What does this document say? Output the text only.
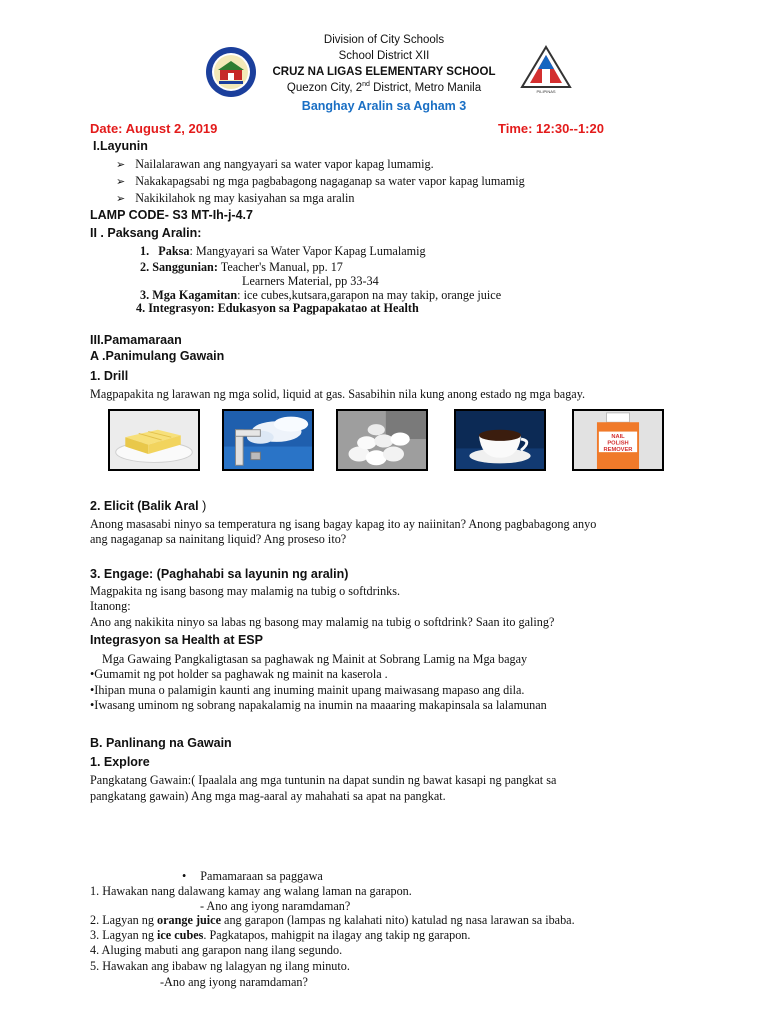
PILIPINAS
Division of City Schools
School District XII
CRUZ NA LIGAS ELEMENTARY SCHOOL
Quezon City, 2nd District, Metro Manila
Banghay Aralin sa Agham 3
Date: August 2, 2019	Time: 12:30--1:20
I.Layunin
➢ Nailalarawan ang nangyayari sa water vapor kapag lumamig.
➢ Nakakapagsabi ng mga pagbabagong nagaganap sa water vapor kapag lumamig
➢ Nakikilahok ng may kasiyahan sa mga aralin
LAMP CODE- S3 MT-Ih-j-4.7
II . Paksang Aralin:
1. Paksa: Mangyayari sa Water Vapor Kapag Lumalamig
2. Sanggunian: Teacher's Manual, pp. 17
Learners Material, pp 33-34
3. Mga Kagamitan: ice cubes,kutsara,garapon na may takip, orange juice
4. Integrasyon: Edukasyon sa Pagpapakatao at Health
III.Pamamaraan
A .Panimulang Gawain
1. Drill
Magpapakita ng larawan ng mga solid, liquid at gas. Sasabihin nila kung anong estado ng mga bagay.
NAIL
POLISH
REMOVER
2. Elicit (Balik Aral )
Anong masasabi ninyo sa temperatura ng isang bagay kapag ito ay naiinitan? Anong pagbabagong anyo
ang nagaganap sa nainitang liquid? Ang proseso ito?
3. Engage: (Paghahabi sa layunin ng aralin)
Magpakita ng isang basong may malamig na tubig o softdrinks.
Itanong:
Ano ang nakikita ninyo sa labas ng basong may malamig na tubig o softdrink? Saan ito galing?
Integrasyon sa Health at ESP
Mga Gawaing Pangkaligtasan sa paghawak ng Mainit at Sobrang Lamig na Mga bagay
•Gumamit ng pot holder sa paghawak ng mainit na kaserola .
•Ihipan muna o palamigin kaunti ang inuming mainit upang maiwasang mapaso ang dila.
•Iwasang uminom ng sobrang napakalamig na inumin na maaaring makapinsala sa lalamunan
B. Panlinang na Gawain
1. Explore
Pangkatang Gawain:( Ipaalala ang mga tuntunin na dapat sundin ng bawat kasapi ng pangkat sa
pangkatang gawain) Ang mga mag-aaral ay mahahati sa apat na pangkat.
• Pamamaraan sa paggawa
1. Hawakan nang dalawang kamay ang walang laman na garapon.
- Ano ang iyong naramdaman?
2. Lagyan ng orange juice ang garapon (lampas ng kalahati nito) katulad ng nasa larawan sa ibaba.
3. Lagyan ng ice cubes. Pagkatapos, mahigpit na ilagay ang takip ng garapon.
4. Aluging mabuti ang garapon nang ilang segundo.
5. Hawakan ang ibabaw ng lalagyan ng ilang minuto.
-Ano ang iyong naramdaman?
